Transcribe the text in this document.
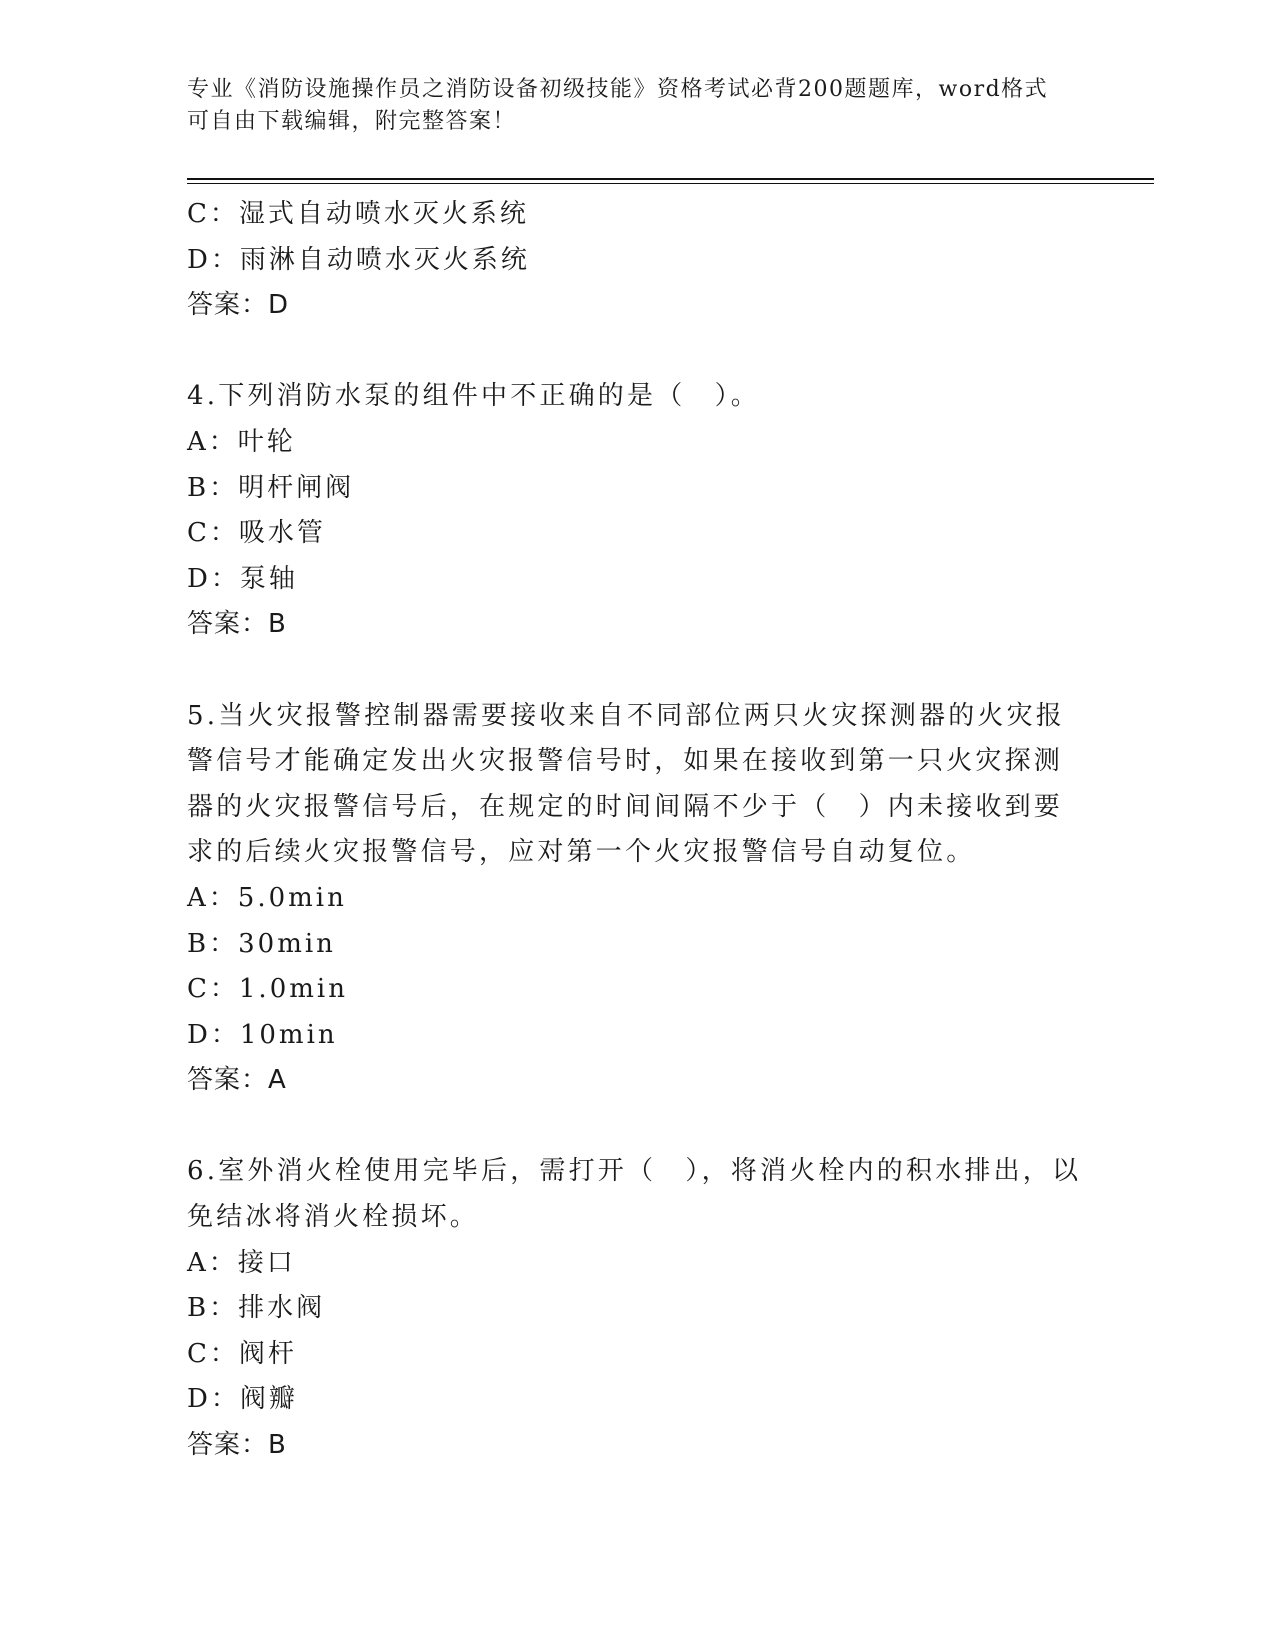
专业《消防设施操作员之消防设备初级技能》资格考试必背200题题库，word格式可自由下载编辑，附完整答案！
C：湿式自动喷水灭火系统
D：雨淋自动喷水灭火系统
答案：D
4.下列消防水泵的组件中不正确的是（　）。
A：叶轮
B：明杆闸阀
C：吸水管
D：泵轴
答案：B
5.当火灾报警控制器需要接收来自不同部位两只火灾探测器的火灾报警信号才能确定发出火灾报警信号时，如果在接收到第一只火灾探测器的火灾报警信号后，在规定的时间间隔不少于（　）内未接收到要求的后续火灾报警信号，应对第一个火灾报警信号自动复位。
A：5.0min
B：30min
C：1.0min
D：10min
答案：A
6.室外消火栓使用完毕后，需打开（　），将消火栓内的积水排出，以免结冰将消火栓损坏。
A：接口
B：排水阀
C：阀杆
D：阀瓣
答案：B
